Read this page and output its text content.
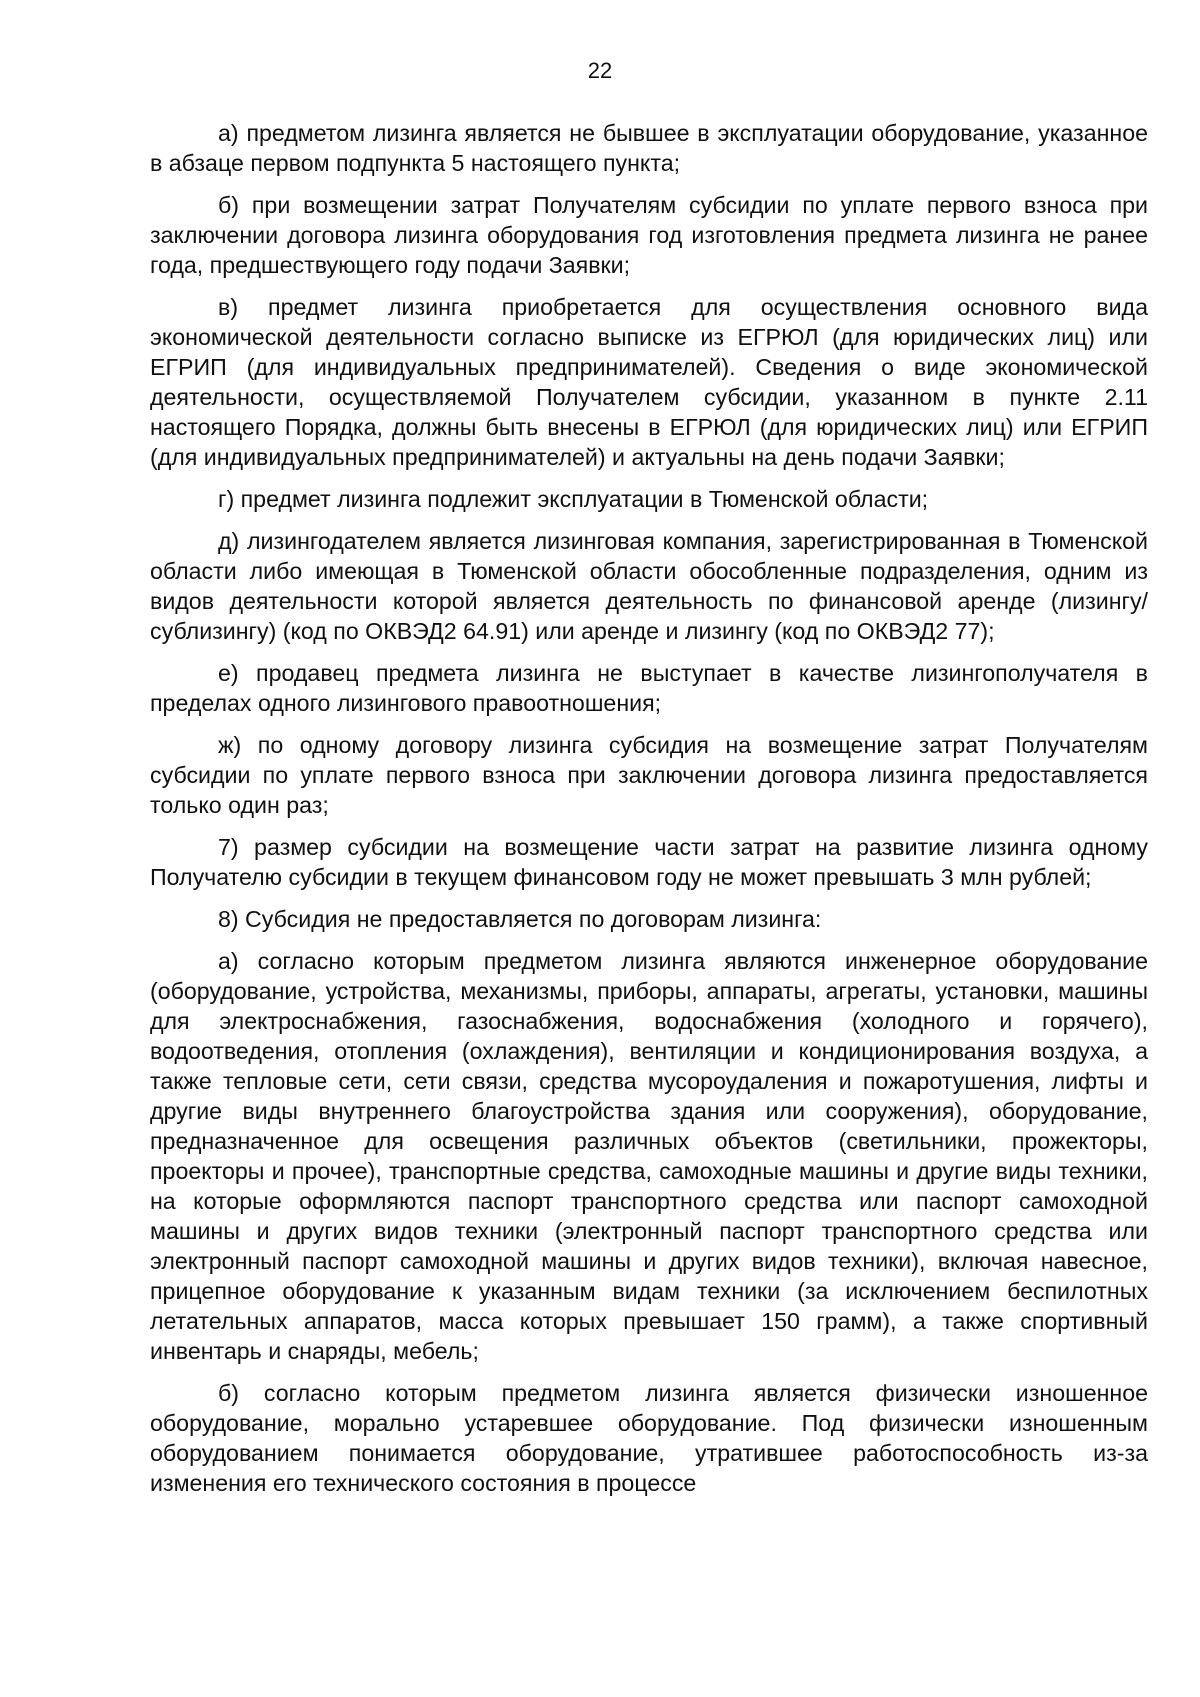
22

а) предметом лизинга является не бывшее в эксплуатации оборудование, указанное в абзаце первом подпункта 5 настоящего пункта;

б) при возмещении затрат Получателям субсидии по уплате первого взноса при заключении договора лизинга оборудования год изготовления предмета лизинга не ранее года, предшествующего году подачи Заявки;

в) предмет лизинга приобретается для осуществления основного вида экономической деятельности согласно выписке из ЕГРЮЛ (для юридических лиц) или ЕГРИП (для индивидуальных предпринимателей). Сведения о виде экономической деятельности, осуществляемой Получателем субсидии, указанном в пункте 2.11 настоящего Порядка, должны быть внесены в ЕГРЮЛ (для юридических лиц) или ЕГРИП (для индивидуальных предпринимателей) и актуальны на день подачи Заявки;

г) предмет лизинга подлежит эксплуатации в Тюменской области;

д) лизингодателем является лизинговая компания, зарегистрированная в Тюменской области либо имеющая в Тюменской области обособленные подразделения, одним из видов деятельности которой является деятельность по финансовой аренде (лизингу/сублизингу) (код по ОКВЭД2 64.91) или аренде и лизингу (код по ОКВЭД2 77);

е) продавец предмета лизинга не выступает в качестве лизингополучателя в пределах одного лизингового правоотношения;

ж) по одному договору лизинга субсидия на возмещение затрат Получателям субсидии по уплате первого взноса при заключении договора лизинга предоставляется только один раз;

7) размер субсидии на возмещение части затрат на развитие лизинга одному Получателю субсидии в текущем финансовом году не может превышать 3 млн рублей;

8) Субсидия не предоставляется по договорам лизинга:

а) согласно которым предметом лизинга являются инженерное оборудование (оборудование, устройства, механизмы, приборы, аппараты, агрегаты, установки, машины для электроснабжения, газоснабжения, водоснабжения (холодного и горячего), водоотведения, отопления (охлаждения), вентиляции и кондиционирования воздуха, а также тепловые сети, сети связи, средства мусороудаления и пожаротушения, лифты и другие виды внутреннего благоустройства здания или сооружения), оборудование, предназначенное для освещения различных объектов (светильники, прожекторы, проекторы и прочее), транспортные средства, самоходные машины и другие виды техники, на которые оформляются паспорт транспортного средства или паспорт самоходной машины и других видов техники (электронный паспорт транспортного средства или электронный паспорт самоходной машины и других видов техники), включая навесное, прицепное оборудование к указанным видам техники (за исключением беспилотных летательных аппаратов, масса которых превышает 150 грамм), а также спортивный инвентарь и снаряды, мебель;

б) согласно которым предметом лизинга является физически изношенное оборудование, морально устаревшее оборудование. Под физически изношенным оборудованием понимается оборудование, утратившее работоспособность из-за изменения его технического состояния в процессе
